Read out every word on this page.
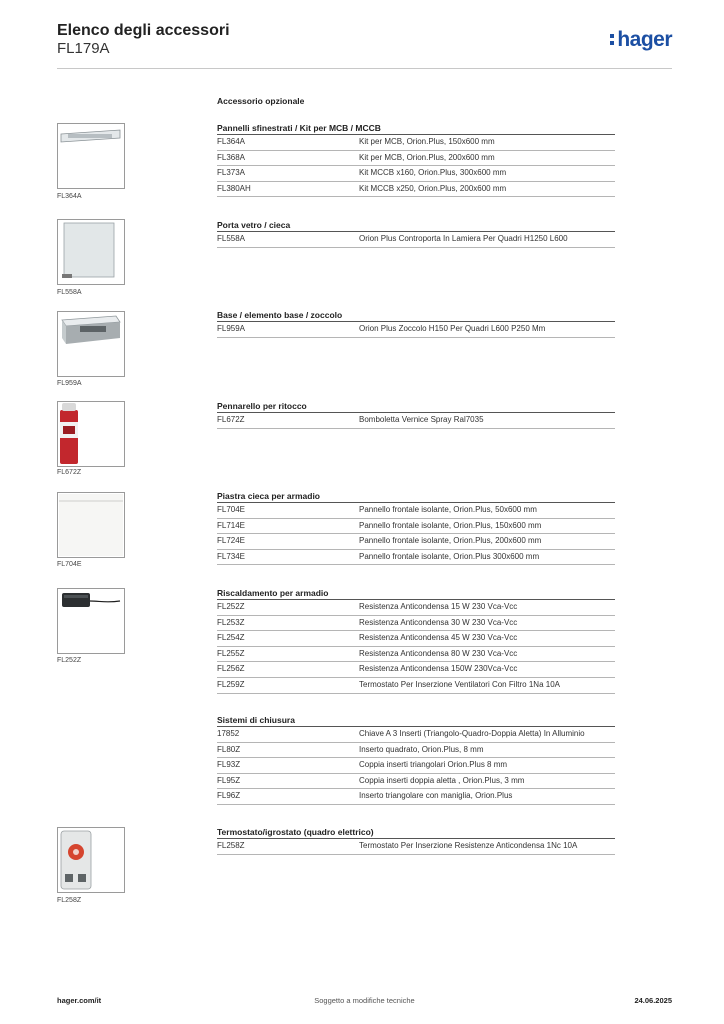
Elenco degli accessori
FL179A	hager
Accessorio opzionale
FL364A
FL558A
FL959A
FL672Z
FL704E
FL252Z
FL258Z
Pannelli sfinestrati / Kit per MCB / MCCB
FL364A	Kit per MCB, Orion.Plus, 150x600 mm
FL368A	Kit per MCB, Orion.Plus, 200x600 mm
FL373A	Kit MCCB x160, Orion.Plus, 300x600 mm
FL380AH	Kit MCCB x250, Orion.Plus, 200x600 mm
Porta vetro / cieca
FL558A	Orion Plus Controporta In Lamiera Per Quadri H1250 L600
Base / elemento base / zoccolo
FL959A	Orion Plus Zoccolo H150 Per Quadri L600 P250 Mm
Pennarello per ritocco
FL672Z	Bomboletta Vernice Spray Ral7035
Piastra cieca per armadio
FL704E	Pannello frontale isolante, Orion.Plus, 50x600 mm
FL714E	Pannello frontale isolante, Orion.Plus, 150x600 mm
FL724E	Pannello frontale isolante, Orion.Plus, 200x600 mm
FL734E	Pannello frontale isolante, Orion.Plus 300x600 mm
Riscaldamento per armadio
FL252Z	Resistenza Anticondensa 15 W 230 Vca-Vcc
FL253Z	Resistenza Anticondensa 30 W 230 Vca-Vcc
FL254Z	Resistenza Anticondensa 45 W 230 Vca-Vcc
FL255Z	Resistenza Anticondensa 80 W 230 Vca-Vcc
FL256Z	Resistenza Anticondensa 150W 230Vca-Vcc
FL259Z	Termostato Per Inserzione Ventilatori Con Filtro 1Na 10A
Sistemi di chiusura
17852	Chiave A 3 Inserti (Triangolo-Quadro-Doppia Aletta) In Alluminio
FL80Z	Inserto quadrato, Orion.Plus, 8 mm
FL93Z	Coppia inserti triangolari Orion.Plus 8 mm
FL95Z	Coppia inserti doppia aletta , Orion.Plus, 3 mm
FL96Z	Inserto triangolare con maniglia, Orion.Plus
Termostato/igrostato (quadro elettrico)
FL258Z	Termostato Per Inserzione Resistenze Anticondensa 1Nc 10A
hager.com/it	Soggetto a modifiche tecniche	24.06.2025
